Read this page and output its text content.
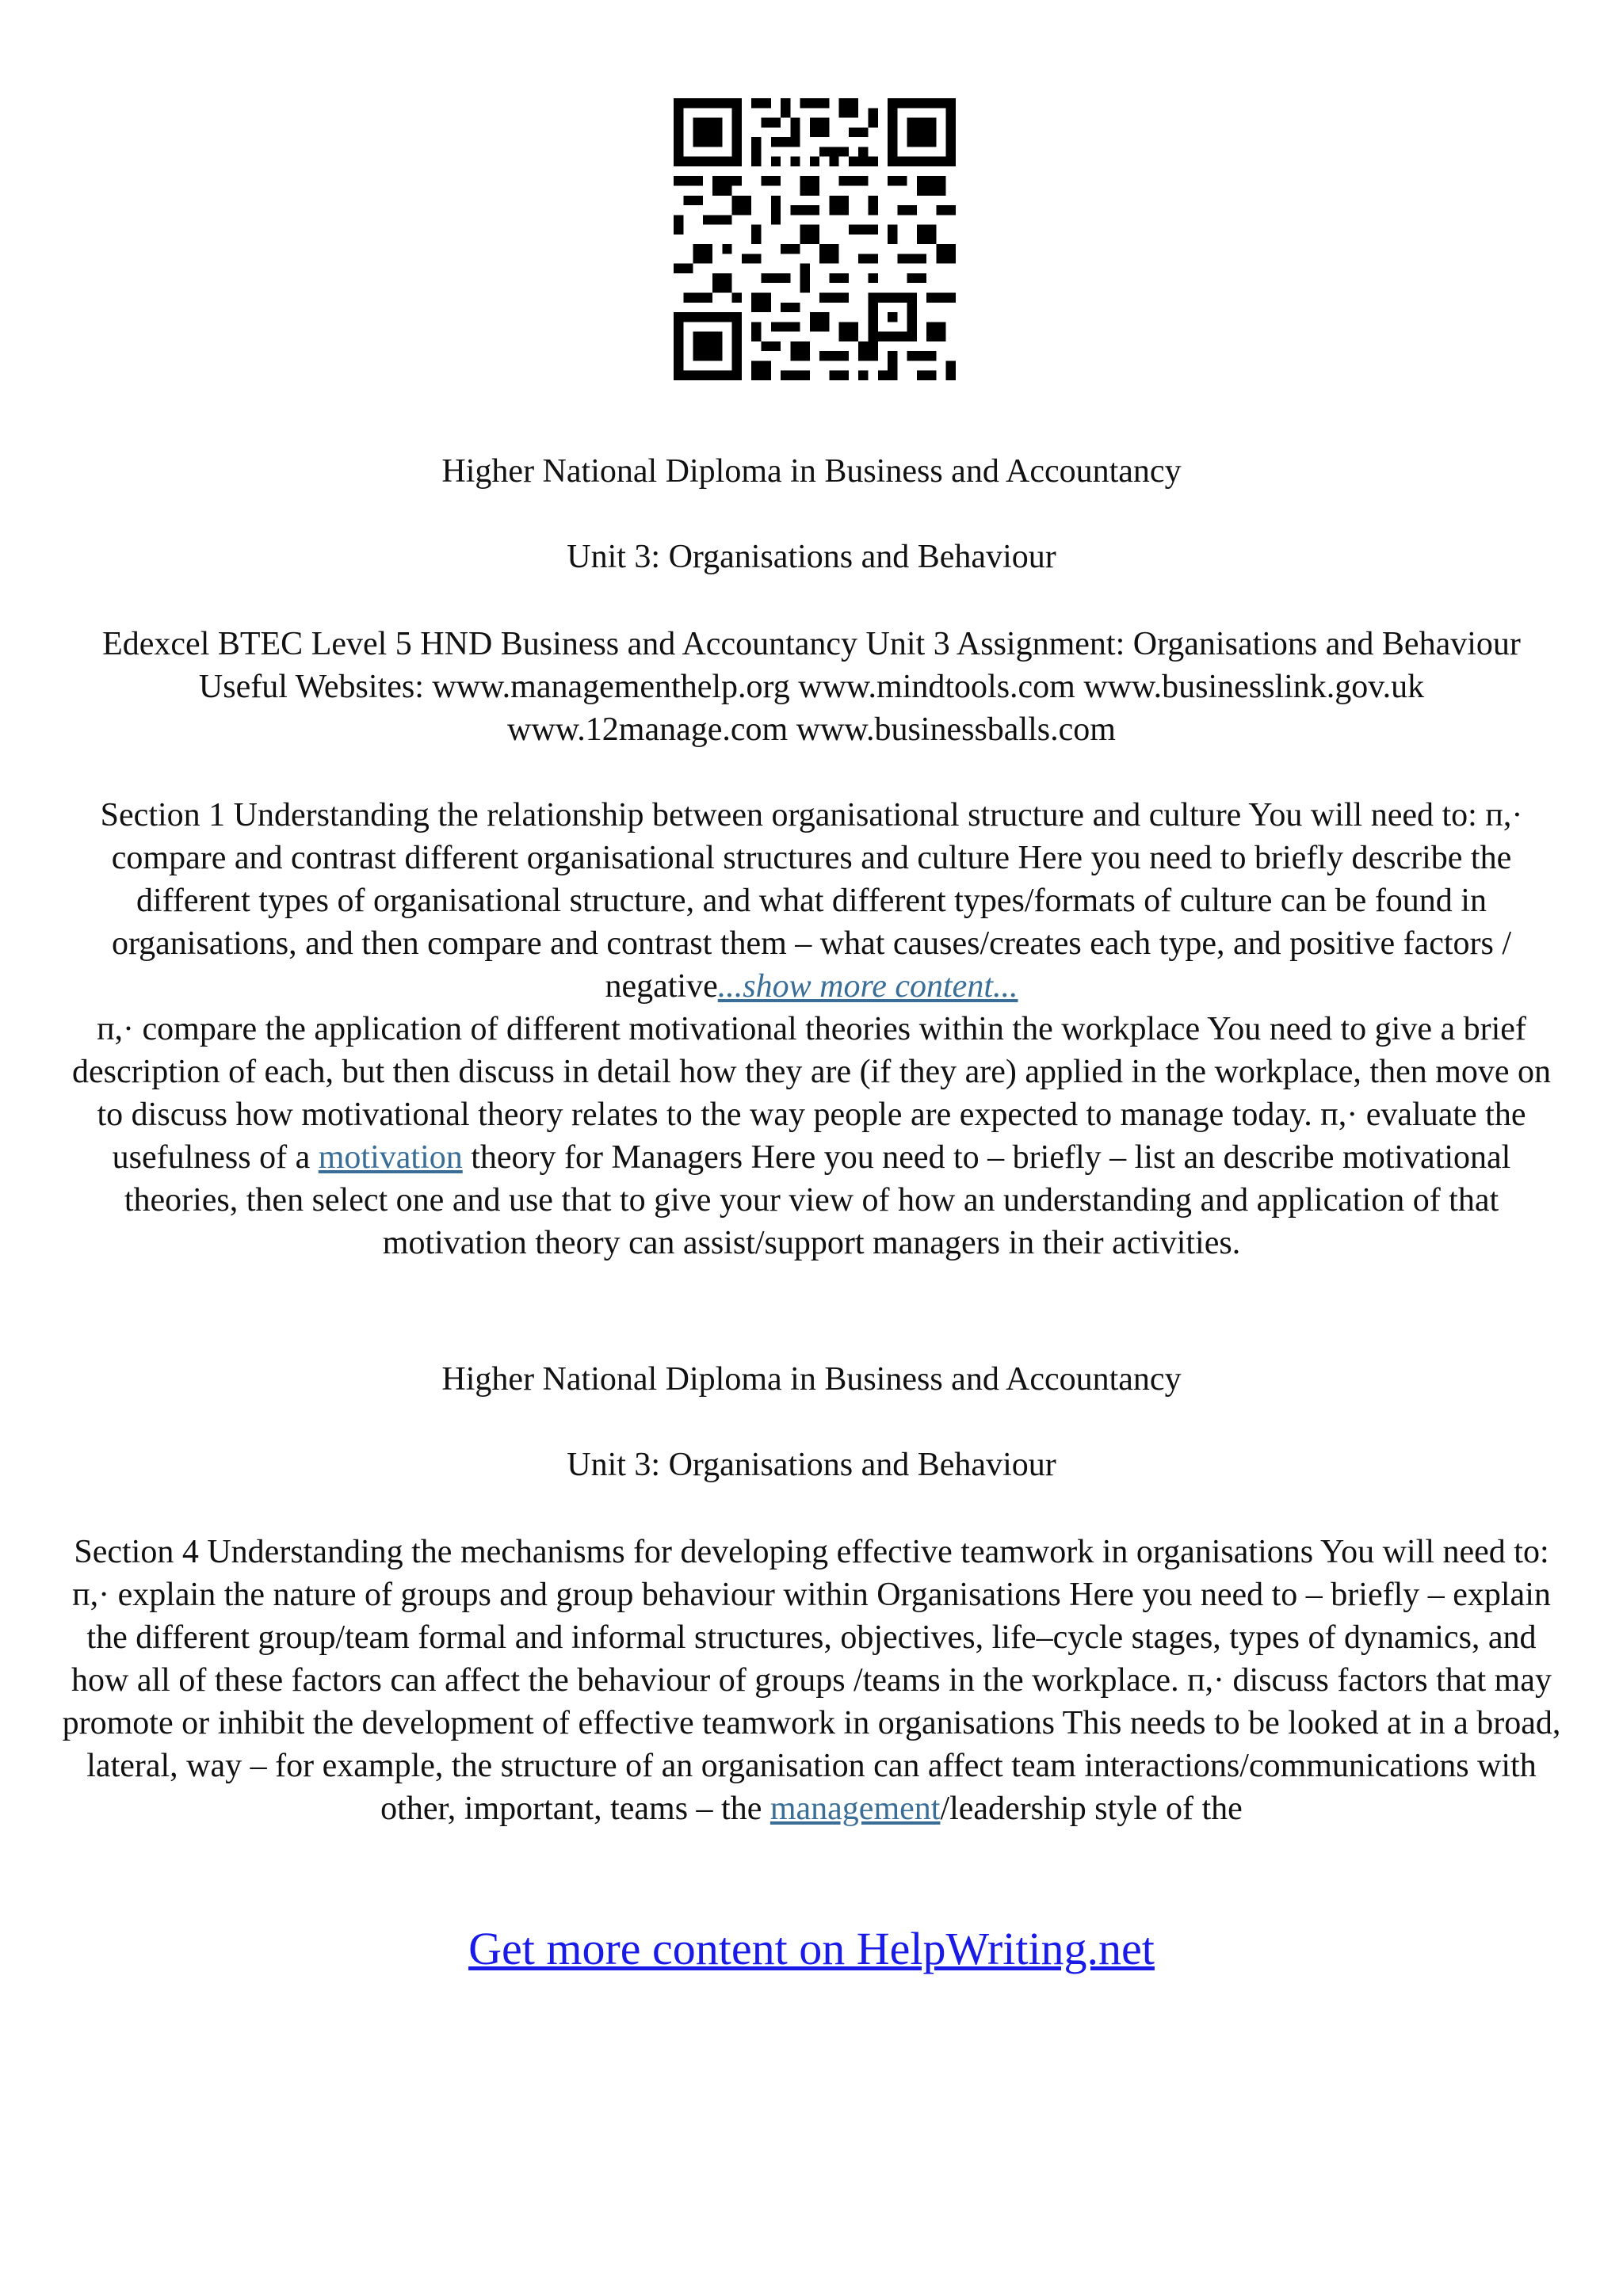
Higher National Diploma in Business and Accountancy

Unit 3: Organisations and Behaviour

Edexcel BTEC Level 5 HND Business and Accountancy Unit 3 Assignment: Organisations and Behaviour Useful Websites: www.managementhelp.org www.mindtools.com www.businesslink.gov.uk www.12manage.com www.businessballs.com

Section 1 Understanding the relationship between organisational structure and culture You will need to: п,· compare and contrast different organisational structures and culture Here you need to briefly describe the different types of organisational structure, and what different types/formats of culture can be found in organisations, and then compare and contrast them – what causes/creates each type, and positive factors / negative...show more content...
п,· compare the application of different motivational theories within the workplace You need to give a brief description of each, but then discuss in detail how they are (if they are) applied in the workplace, then move on to discuss how motivational theory relates to the way people are expected to manage today. п,· evaluate the usefulness of a motivation theory for Managers Here you need to – briefly – list an describe motivational theories, then select one and use that to give your view of how an understanding and application of that motivation theory can assist/support managers in their activities.

Higher National Diploma in Business and Accountancy

Unit 3: Organisations and Behaviour

Section 4 Understanding the mechanisms for developing effective teamwork in organisations You will need to: п,· explain the nature of groups and group behaviour within Organisations Here you need to – briefly – explain the different group/team formal and informal structures, objectives, life–cycle stages, types of dynamics, and how all of these factors can affect the behaviour of groups /teams in the workplace. п,· discuss factors that may promote or inhibit the development of effective teamwork in organisations This needs to be looked at in a broad, lateral, way – for example, the structure of an organisation can affect team interactions/communications with other, important, teams – the management/leadership style of the

Get more content on HelpWriting.net
